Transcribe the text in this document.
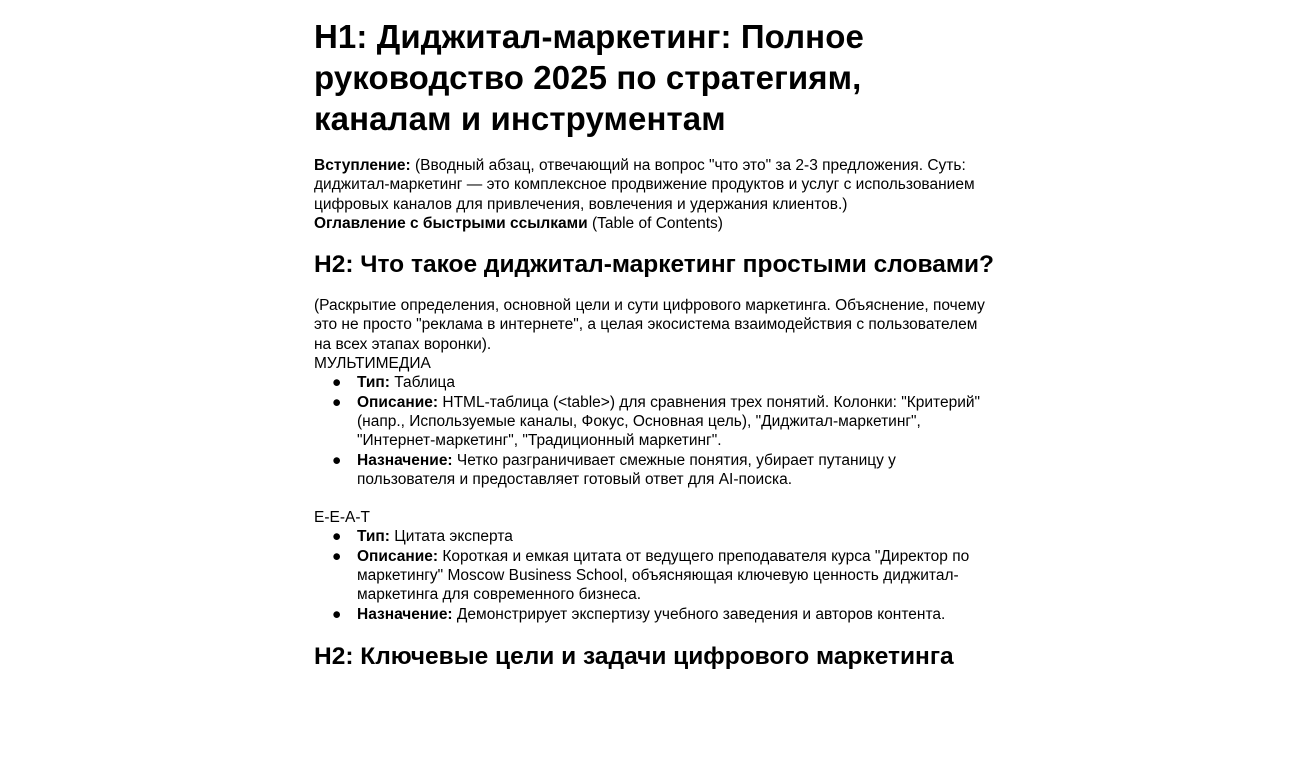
H1: Диджитал-маркетинг: Полное руководство 2025 по стратегиям, каналам и инструментам
Вступление: (Вводный абзац, отвечающий на вопрос "что это" за 2-3 предложения. Суть: диджитал-маркетинг — это комплексное продвижение продуктов и услуг с использованием цифровых каналов для привлечения, вовлечения и удержания клиентов.)
Оглавление с быстрыми ссылками (Table of Contents)
H2: Что такое диджитал-маркетинг простыми словами?
(Раскрытие определения, основной цели и сути цифрового маркетинга. Объяснение, почему это не просто "реклама в интернете", а целая экосистема взаимодействия с пользователем на всех этапах воронки).
МУЛЬТИМЕДИА
● Тип: Таблица
● Описание: HTML-таблица (<table>) для сравнения трех понятий. Колонки: "Критерий" (напр., Используемые каналы, Фокус, Основная цель), "Диджитал-маркетинг", "Интернет-маркетинг", "Традиционный маркетинг".
● Назначение: Четко разграничивает смежные понятия, убирает путаницу у пользователя и предоставляет готовый ответ для AI-поиска.
E-E-A-T
● Тип: Цитата эксперта
● Описание: Короткая и емкая цитата от ведущего преподавателя курса "Директор по маркетингу" Moscow Business School, объясняющая ключевую ценность диджитал-маркетинга для современного бизнеса.
● Назначение: Демонстрирует экспертизу учебного заведения и авторов контента.
H2: Ключевые цели и задачи цифрового маркетинга
